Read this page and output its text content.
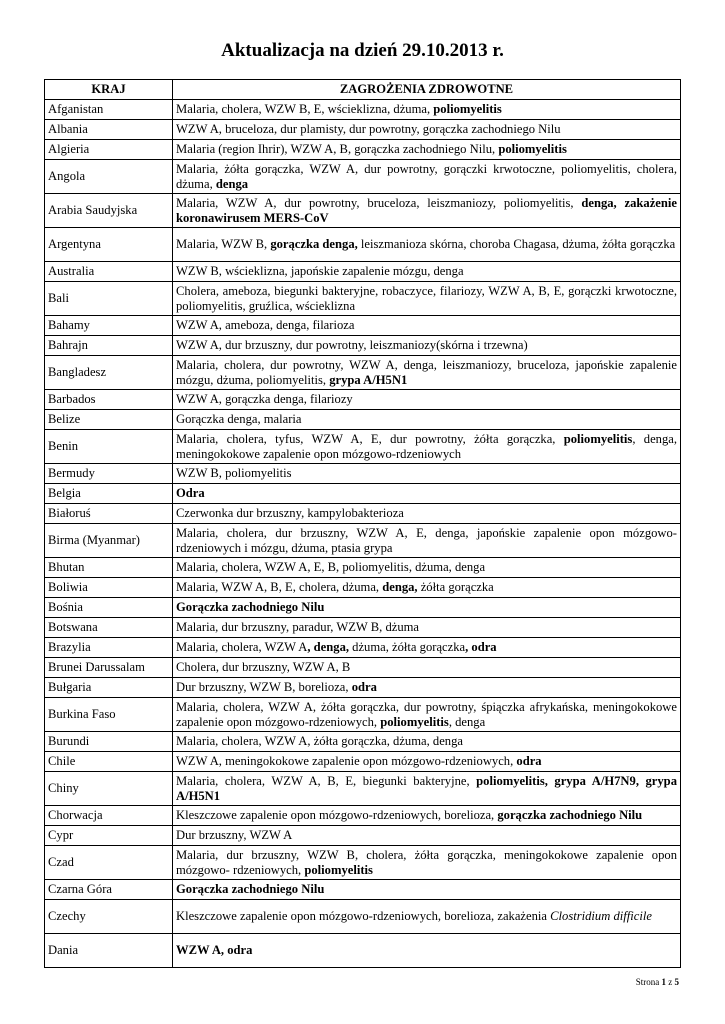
Aktualizacja na dzień 29.10.2013 r.
KRAJ	ZAGROŻENIA ZDROWOTNE
Afganistan	Malaria, cholera, WZW B, E, wścieklizna, dżuma, poliomyelitis
Albania	WZW A, bruceloza, dur plamisty, dur powrotny, gorączka zachodniego Nilu
Algieria	Malaria (region Ihrir), WZW A, B, gorączka zachodniego Nilu, poliomyelitis
Angola	Malaria, żółta gorączka, WZW A, dur powrotny, gorączki krwotoczne, poliomyelitis, cholera, dżuma, denga
Arabia Saudyjska	Malaria, WZW A, dur powrotny, bruceloza, leiszmaniozy, poliomyelitis, denga, zakażenie koronawirusem MERS-CoV
Argentyna	Malaria, WZW B, gorączka denga, leiszmanioza skórna, choroba Chagasa, dżuma, żółta gorączka
Australia	WZW B, wścieklizna, japońskie zapalenie mózgu, denga
Bali	Cholera, ameboza, biegunki bakteryjne, robaczyce, filariozy, WZW A, B, E, gorączki krwotoczne, poliomyelitis, gruźlica, wścieklizna
Bahamy	WZW A, ameboza, denga, filarioza
Bahrajn	WZW A, dur brzuszny, dur powrotny, leiszmaniozy(skórna i trzewna)
Bangladesz	Malaria, cholera, dur powrotny, WZW A, denga, leiszmaniozy, bruceloza, japońskie zapalenie mózgu, dżuma, poliomyelitis, grypa A/H5N1
Barbados	WZW A, gorączka denga, filariozy
Belize	Gorączka denga, malaria
Benin	Malaria, cholera, tyfus, WZW A, E, dur powrotny, żółta gorączka, poliomyelitis, denga, meningokokowe zapalenie opon mózgowo-rdzeniowych
Bermudy	WZW B, poliomyelitis
Belgia	Odra
Białoruś	Czerwonka dur brzuszny, kampylobakterioza
Birma (Myanmar)	Malaria, cholera, dur brzuszny, WZW A, E, denga, japońskie zapalenie opon mózgowo-rdzeniowych i mózgu, dżuma, ptasia grypa
Bhutan	Malaria, cholera, WZW A, E, B, poliomyelitis, dżuma, denga
Boliwia	Malaria, WZW A, B, E, cholera, dżuma, denga, żółta gorączka
Bośnia	Gorączka zachodniego Nilu
Botswana	Malaria, dur brzuszny, paradur, WZW B, dżuma
Brazylia	Malaria, cholera, WZW A, denga, dżuma, żółta gorączka, odra
Brunei Darussalam	Cholera, dur brzuszny, WZW A, B
Bułgaria	Dur brzuszny, WZW B, borelioza, odra
Burkina Faso	Malaria, cholera, WZW A, żółta gorączka, dur powrotny, śpiączka afrykańska, meningokokowe zapalenie opon mózgowo-rdzeniowych, poliomyelitis, denga
Burundi	Malaria, cholera, WZW A, żółta gorączka, dżuma, denga
Chile	WZW A, meningokokowe zapalenie opon mózgowo-rdzeniowych, odra
Chiny	Malaria, cholera, WZW A, B, E, biegunki bakteryjne, poliomyelitis, grypa A/H7N9, grypa A/H5N1
Chorwacja	Kleszczowe zapalenie opon mózgowo-rdzeniowych, borelioza, gorączka zachodniego Nilu
Cypr	Dur brzuszny, WZW A
Czad	Malaria, dur brzuszny, WZW B, cholera, żółta gorączka, meningokokowe zapalenie opon mózgowo- rdzeniowych, poliomyelitis
Czarna Góra	Gorączka zachodniego Nilu
Czechy	Kleszczowe zapalenie opon mózgowo-rdzeniowych, borelioza, zakażenia Clostridium difficile
Dania	WZW A, odra
Strona 1 z 5
